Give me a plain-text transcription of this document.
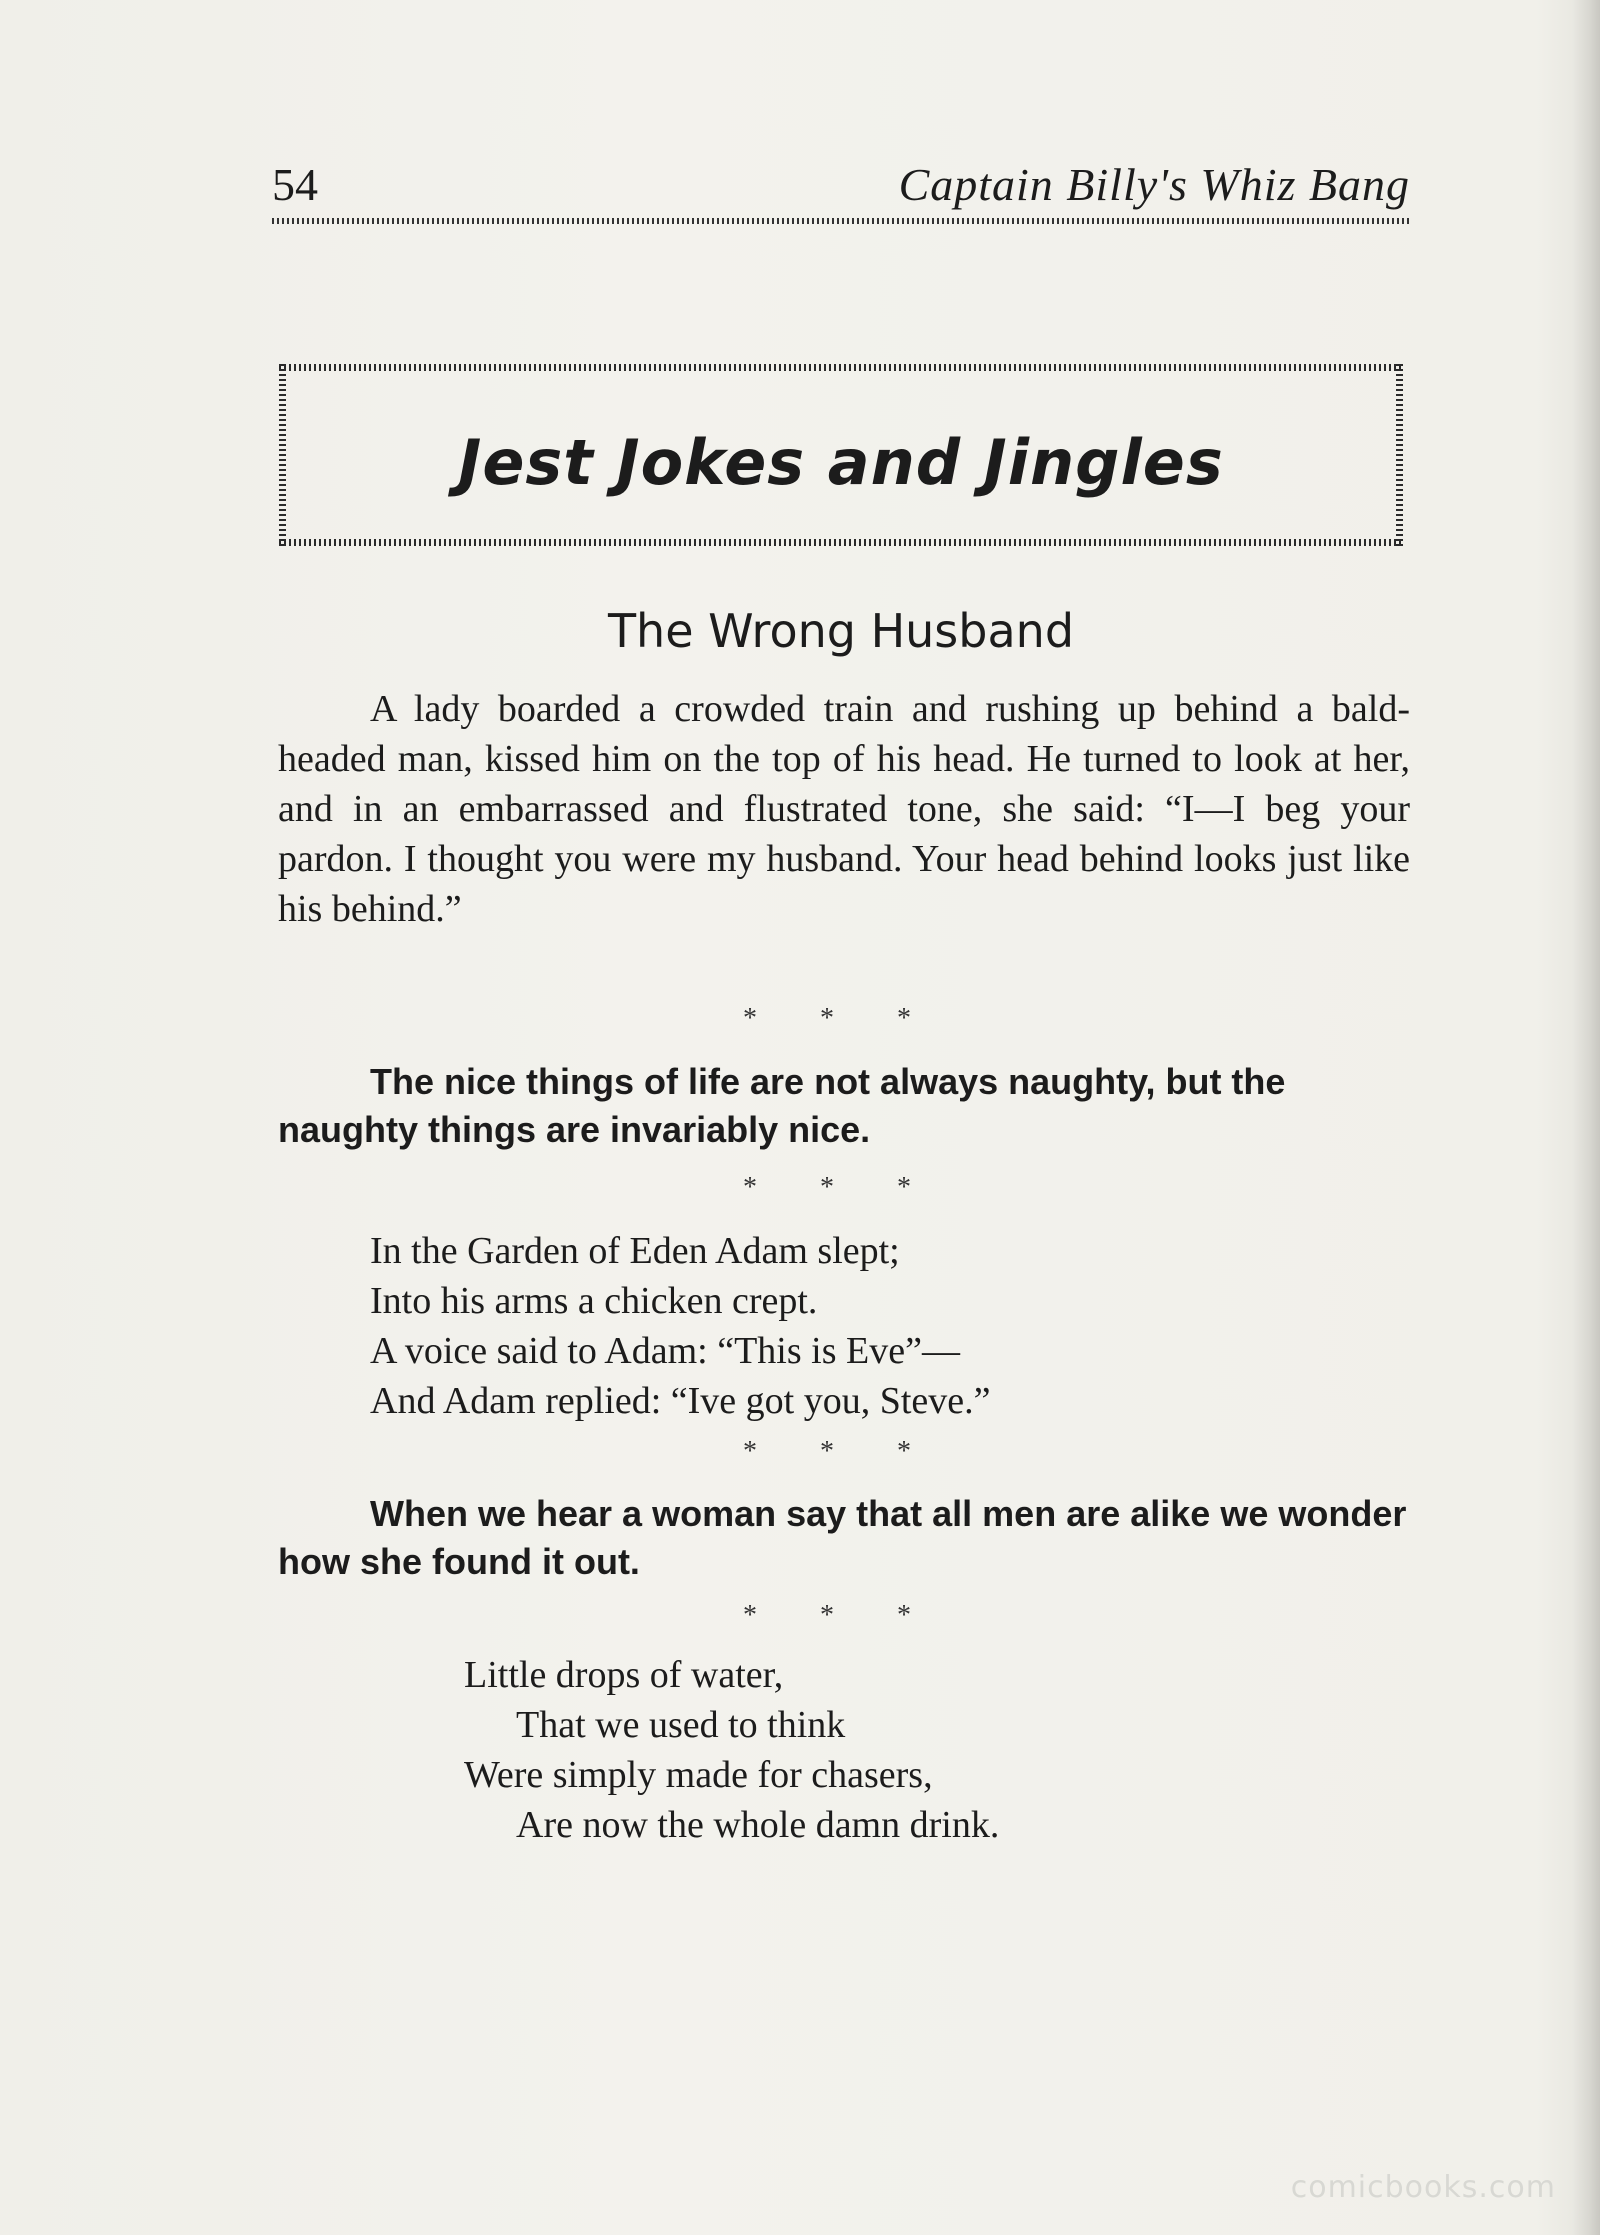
54	Captain Billy's Whiz Bang
Jest Jokes and Jingles
The Wrong Husband

A lady boarded a crowded train and rushing up behind a bald-headed man, kissed him on the top of his head. He turned to look at her, and in an embarrassed and flustrated tone, she said: “I—I beg your pardon. I thought you were my husband. Your head behind looks just like his behind.”

* * *

The nice things of life are not always naughty, but the naughty things are invariably nice.

* * *
In the Garden of Eden Adam slept;
Into his arms a chicken crept.
A voice said to Adam: “This is Eve”—
And Adam replied: “Ive got you, Steve.”
* * *

When we hear a woman say that all men are alike we wonder how she found it out.

* * *
Little drops of water,
That we used to think
Were simply made for chasers,
Are now the whole damn drink.
comicbooks.com
